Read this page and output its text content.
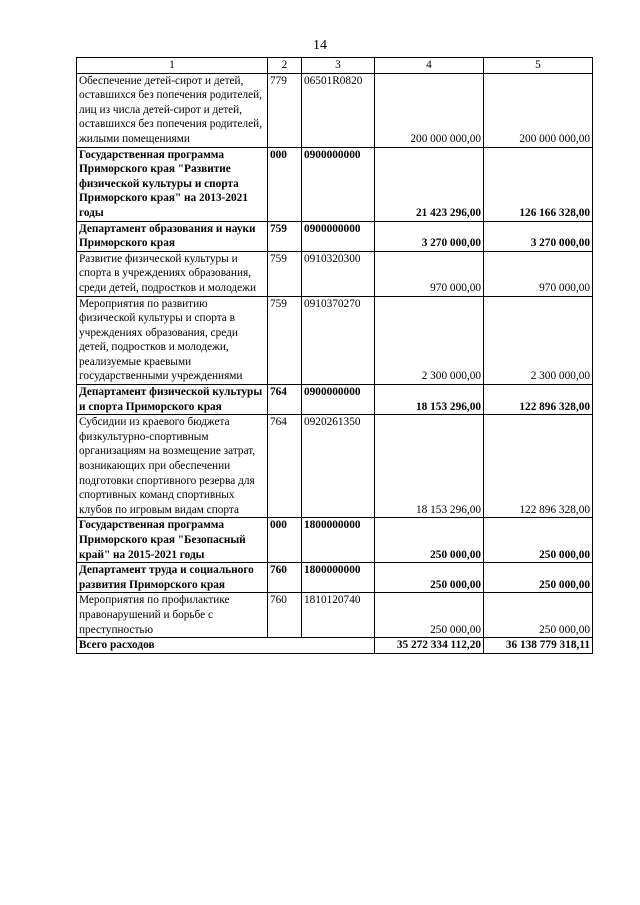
14
1	2	3	4	5
Обеспечение детей-сирот и детей, оставшихся без попечения родителей, лиц из числа детей-сирот и детей, оставшихся без попечения родителей, жилыми помещениями	779	06501R0820	200 000 000,00	200 000 000,00
Государственная программа Приморского края "Развитие физической культуры и спорта Приморского края" на 2013-2021 годы	000	0900000000	21 423 296,00	126 166 328,00
Департамент образования и науки Приморского края	759	0900000000	3 270 000,00	3 270 000,00
Развитие физической культуры и спорта в учреждениях образования, среди детей, подростков и молодежи	759	0910320300	970 000,00	970 000,00
Мероприятия по развитию физической культуры и спорта в учреждениях образования, среди детей, подростков и молодежи, реализуемые краевыми государственными учреждениями	759	0910370270	2 300 000,00	2 300 000,00
Департамент физической культуры и спорта Приморского края	764	0900000000	18 153 296,00	122 896 328,00
Субсидии из краевого бюджета физкультурно-спортивным организациям на возмещение затрат, возникающих при обеспечении подготовки спортивного резерва для спортивных команд спортивных клубов по игровым видам спорта	764	0920261350	18 153 296,00	122 896 328,00
Государственная программа Приморского края "Безопасный край" на 2015-2021 годы	000	1800000000	250 000,00	250 000,00
Департамент труда и социального развития Приморского края	760	1800000000	250 000,00	250 000,00
Мероприятия по профилактике правонарушений и борьбе с преступностью	760	1810120740	250 000,00	250 000,00
Всего расходов			35 272 334 112,20	36 138 779 318,11
